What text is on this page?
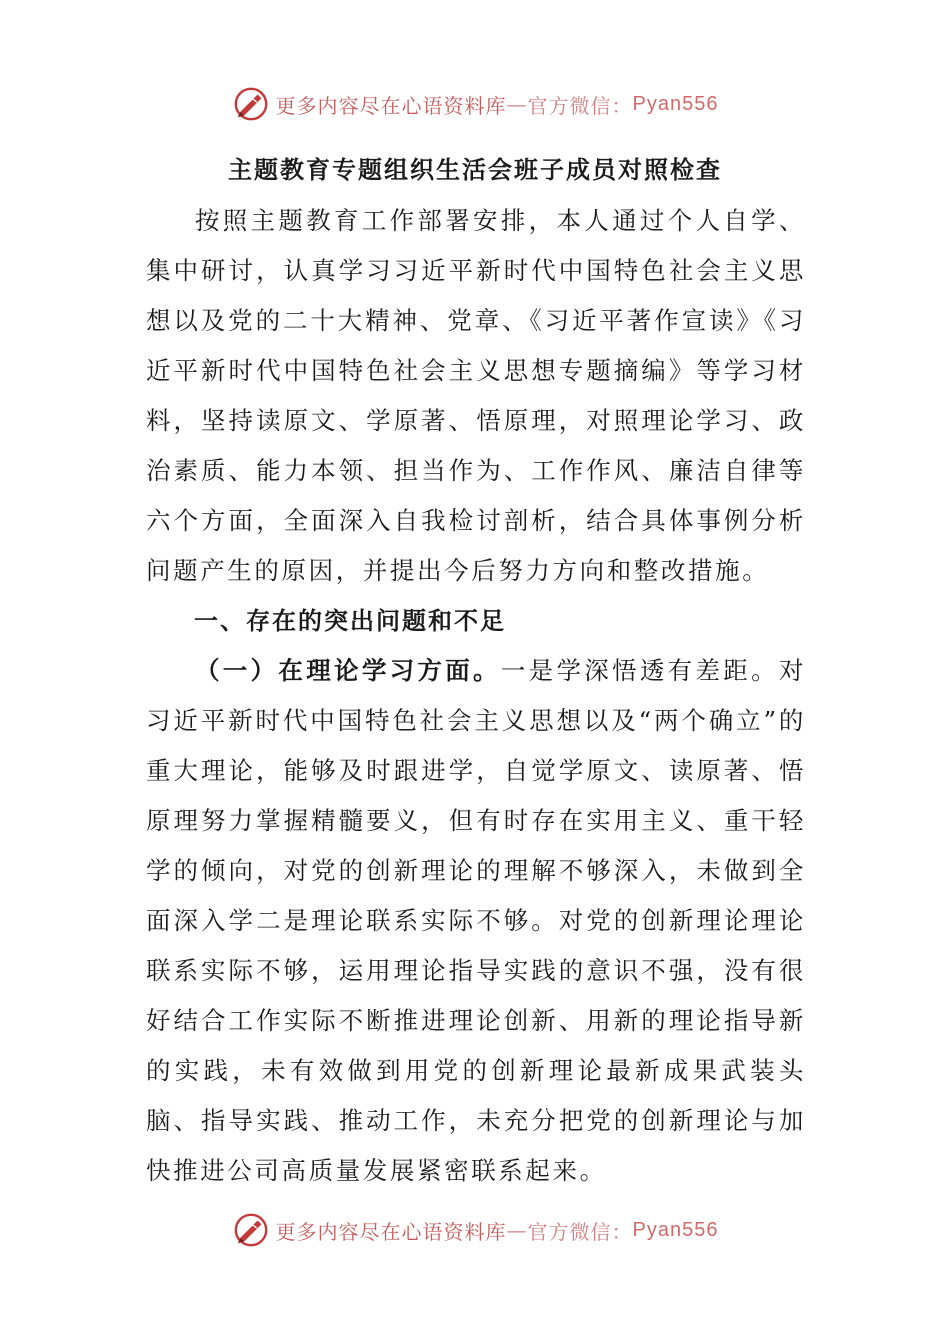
更多内容尽在心语资料库 — 官方微信： Pyan556
主题教育专题组织生活会班子成员对照检查

按照主题教育工作部署安排，本人通过个人自学、集中研讨，认真学习习近平新时代中国特色社会主义思想以及党的二十大精神、党章、《习近平著作宣读》《习近平新时代中国特色社会主义思想专题摘编》等学习材料，坚持读原文、学原著、悟原理，对照理论学习、政治素质、能力本领、担当作为、工作作风、廉洁自律等六个方面，全面深入自我检讨剖析，结合具体事例分析问题产生的原因，并提出今后努力方向和整改措施。

一、存在的突出问题和不足

（一）在理论学习方面。一是学深悟透有差距。对习近平新时代中国特色社会主义思想以及“两个确立”的重大理论，能够及时跟进学，自觉学原文、读原著、悟原理努力掌握精髓要义，但有时存在实用主义、重干轻学的倾向，对党的创新理论的理解不够深入，未做到全面深入学二是理论联系实际不够。对党的创新理论理论联系实际不够，运用理论指导实践的意识不强，没有很好结合工作实际不断推进理论创新、用新的理论指导新的实践，未有效做到用党的创新理论最新成果武装头脑、指导实践、推动工作，未充分把党的创新理论与加快推进公司高质量发展紧密联系起来。

更多内容尽在心语资料库 — 官方微信： Pyan556
